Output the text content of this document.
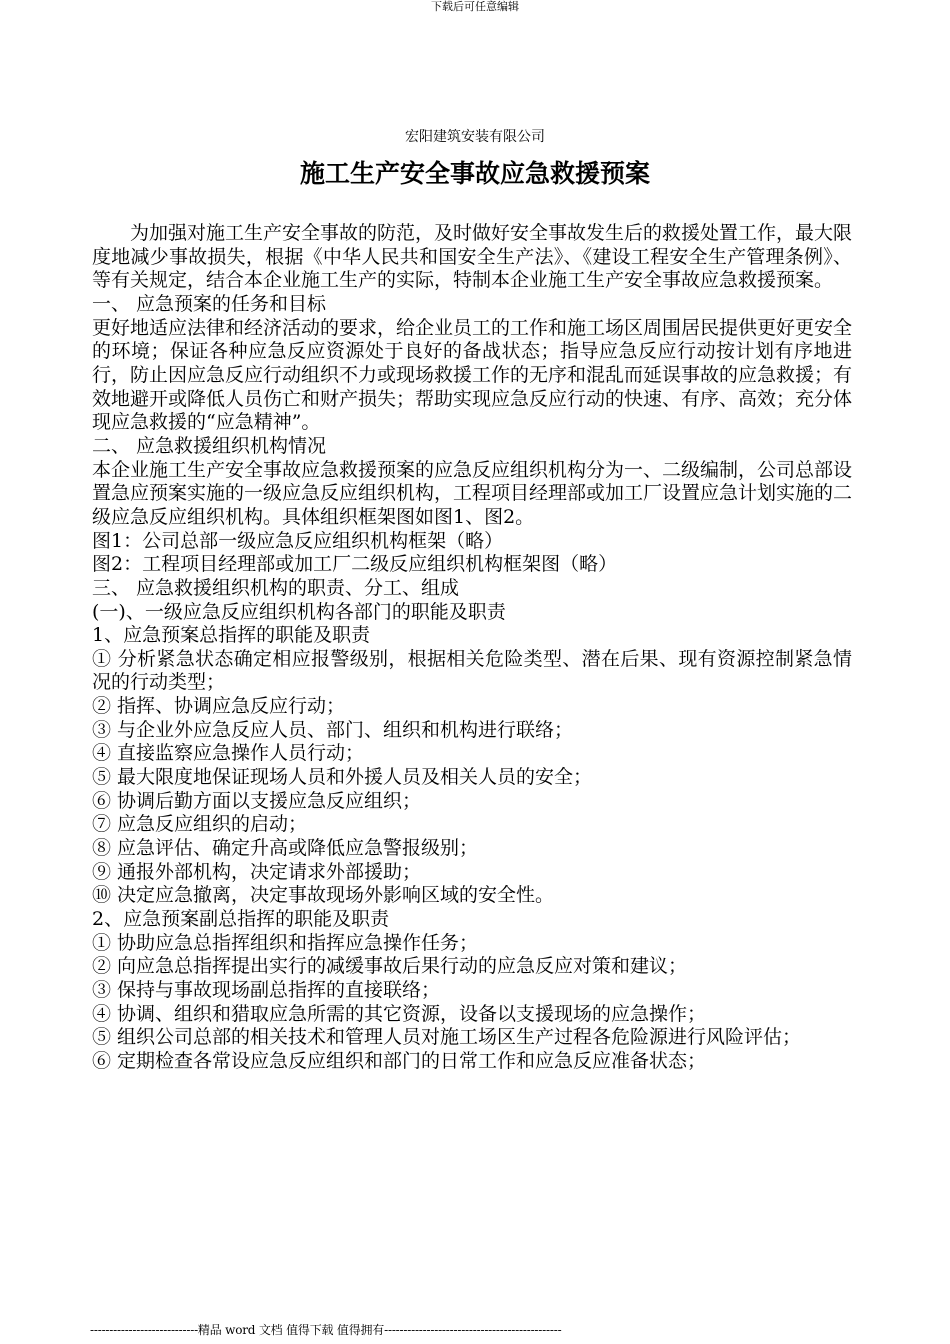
下载后可任意编辑
宏阳建筑安装有限公司
施工生产安全事故应急救援预案

为加强对施工生产安全事故的防范，及时做好安全事故发生后的救援处置工作，最大限度地减少事故损失，根据《中华人民共和国安全生产法》、《建设工程安全生产管理条例》、等有关规定，结合本企业施工生产的实际，特制本企业施工生产安全事故应急救援预案。

一、 应急预案的任务和目标

更好地适应法律和经济活动的要求，给企业员工的工作和施工场区周围居民提供更好更安全的环境；保证各种应急反应资源处于良好的备战状态；指导应急反应行动按计划有序地进行，防止因应急反应行动组织不力或现场救援工作的无序和混乱而延误事故的应急救援；有效地避开或降低人员伤亡和财产损失；帮助实现应急反应行动的快速、有序、高效；充分体现应急救援的“应急精神”。

二、 应急救援组织机构情况

本企业施工生产安全事故应急救援预案的应急反应组织机构分为一、二级编制，公司总部设置急应预案实施的一级应急反应组织机构，工程项目经理部或加工厂设置应急计划实施的二级应急反应组织机构。具体组织框架图如图1、图2。

图1：公司总部一级应急反应组织机构框架（略）

图2：工程项目经理部或加工厂二级反应组织机构框架图（略）

三、 应急救援组织机构的职责、分工、组成

(一)、一级应急反应组织机构各部门的职能及职责

1、应急预案总指挥的职能及职责

① 分析紧急状态确定相应报警级别，根据相关危险类型、潜在后果、现有资源控制紧急情况的行动类型；

② 指挥、协调应急反应行动；

③ 与企业外应急反应人员、部门、组织和机构进行联络；

④ 直接监察应急操作人员行动；

⑤ 最大限度地保证现场人员和外援人员及相关人员的安全；

⑥ 协调后勤方面以支援应急反应组织；

⑦ 应急反应组织的启动；

⑧ 应急评估、确定升高或降低应急警报级别；

⑨ 通报外部机构，决定请求外部援助；

⑩ 决定应急撤离，决定事故现场外影响区域的安全性。

2、应急预案副总指挥的职能及职责

① 协助应急总指挥组织和指挥应急操作任务；

② 向应急总指挥提出实行的减缓事故后果行动的应急反应对策和建议；

③ 保持与事故现场副总指挥的直接联络；

④ 协调、组织和猎取应急所需的其它资源，设备以支援现场的应急操作；

⑤ 组织公司总部的相关技术和管理人员对施工场区生产过程各危险源进行风险评估；

⑥ 定期检查各常设应急反应组织和部门的日常工作和应急反应准备状态；

----------------------------精品 word 文档 值得下载 值得拥有----------------------------------------------
